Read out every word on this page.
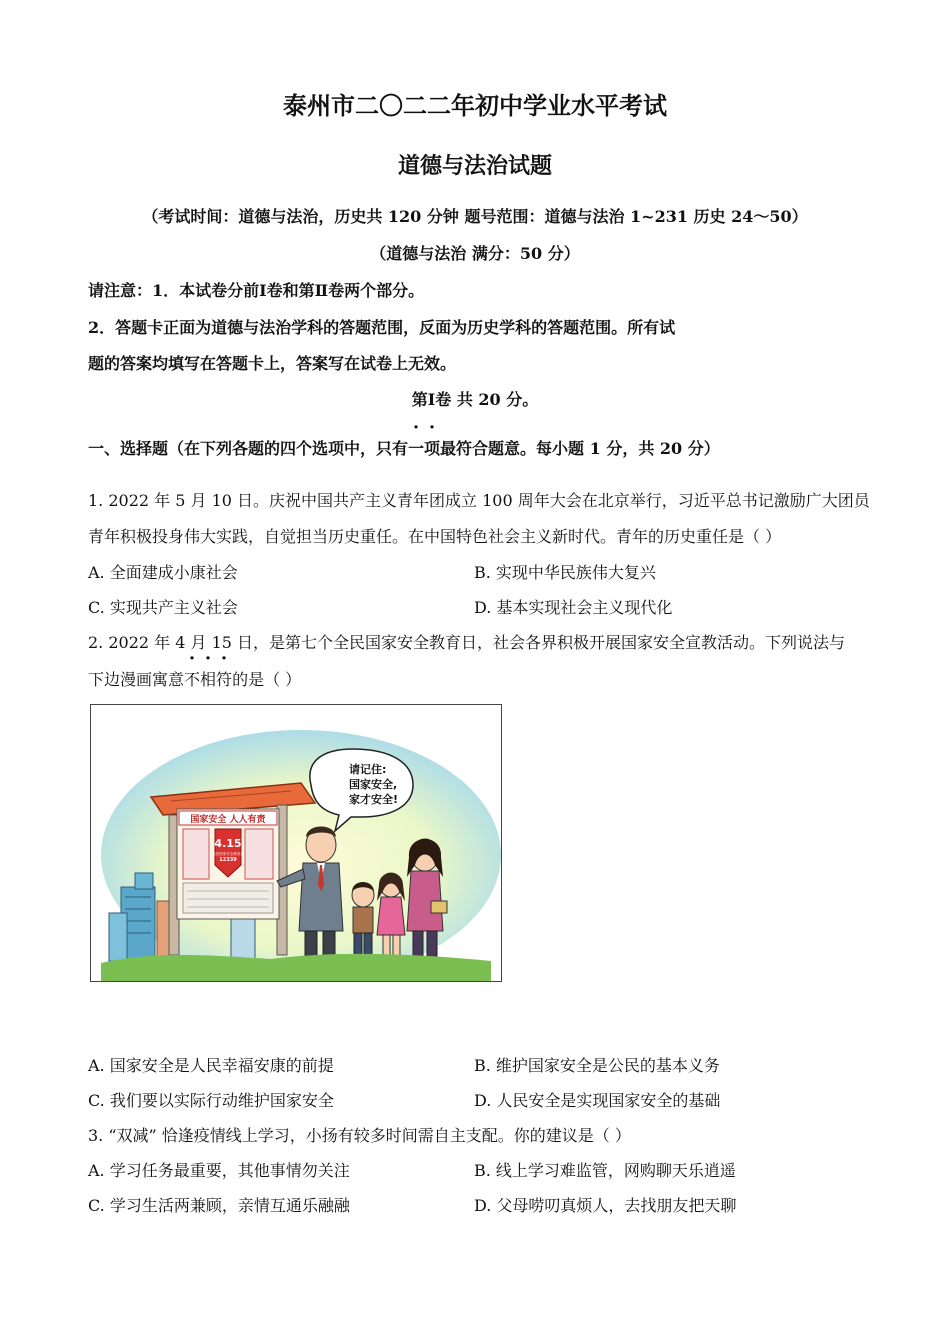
泰州市二〇二二年初中学业水平考试
道德与法治试题
（考试时间：道德与法治，历史共 120 分钟 题号范围：道德与法治 1~231 历史 24～50）
（道德与法治 满分：50 分）
请注意：1．本试卷分前Ⅰ卷和第Ⅱ卷两个部分。
2．答题卡正面为道德与法治学科的答题范围，反面为历史学科的答题范围。所有试
题的答案均填写在答题卡上，答案写在试卷上无效。
第Ⅰ卷 共 20 分。
一、选择题（在下列各题的四个选项中，只有一项最符合题意。每小题 1 分，共 20 分）
1. 2022 年 5 月 10 日。庆祝中国共产主义青年团成立 100 周年大会在北京举行，习近平总书记激励广大团员
青年积极投身伟大实践，自觉担当历史重任。在中国特色社会主义新时代。青年的历史重任是（ ）
A. 全面建成小康社会	B. 实现中华民族伟大复兴
C. 实现共产主义社会	D. 基本实现社会主义现代化
2. 2022 年 4 月 15 日，是第七个全民国家安全教育日，社会各界积极开展国家安全宣教活动。下列说法与
下边漫画寓意不相符的是（ ）
国家安全 人人有责
4.15
全民国家安全教育日
12339
请记住:
国家安全,
家才安全!
A. 国家安全是人民幸福安康的前提	B. 维护国家安全是公民的基本义务
C. 我们要以实际行动维护国家安全	D. 人民安全是实现国家安全的基础
3. “双减” 恰逢疫情线上学习，小扬有较多时间需自主支配。你的建议是（ ）
A. 学习任务最重要，其他事情勿关注	B. 线上学习难监管，网购聊天乐逍遥
C. 学习生活两兼顾，亲情互通乐融融	D. 父母唠叨真烦人，去找朋友把天聊
